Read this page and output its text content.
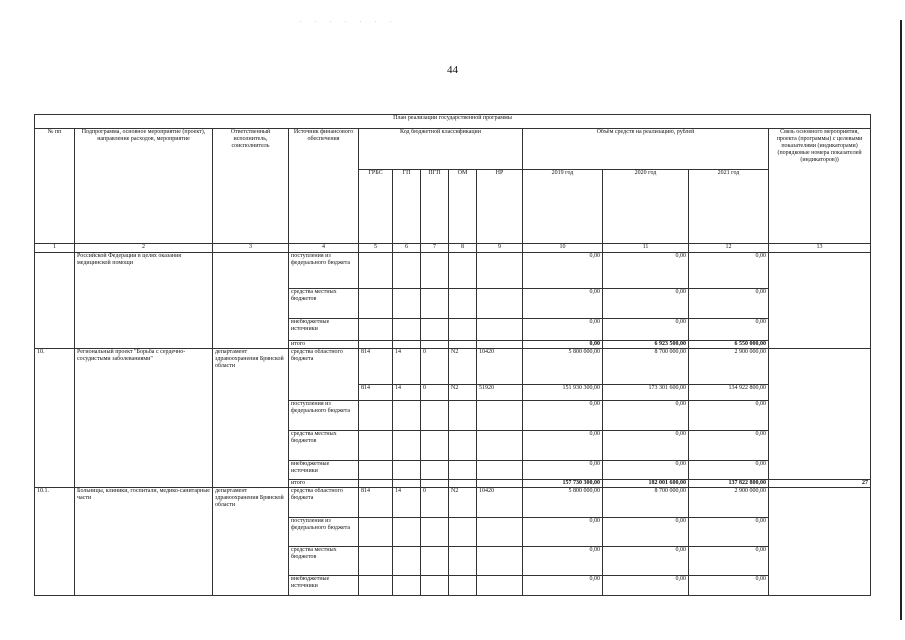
. . . . . . .
44
План реализации государственной программы												
№ пп	Подпрограмма, основное мероприятие (проект), направление расходов, мероприятие	Ответственный исполнитель, соисполнитель	Источник финансового обеспечения	Код бюджетной классификации					Объём средств на реализацию, рублей			Связь основного мероприятия, проекта (программы) с целевыми показателями (индикаторами) (порядковые номера показателей (индикаторов))
				ГРБС	ГП	ПГП	ОМ	НР	2019 год	2020 год	2021 год	
1	2	3	4	5	6	7	8	9	10	11	12	13
	Российской Федерации в целях оказания медицинской помощи		поступления из федерального бюджета						0,00	0,00	0,00	
			средства местных бюджетов						0,00	0,00	0,00	
			внебюджетные источники						0,00	0,00	0,00	
			итого						0,00	6 923 500,00	6 550 000,00	
10.	Региональный проект "Борьба с сердечно-сосудистыми заболеваниями"	департамент здравоохранения Брянской области	средства областного бюджета	814	14	0	N2	10420	5 800 000,00	8 700 000,00	2 900 000,00	
				814	14	0	N2	51920	151 930 300,00	173 301 600,00	134 922 800,00	
			поступления из федерального бюджета						0,00	0,00	0,00	
			средства местных бюджетов						0,00	0,00	0,00	
			внебюджетные источники						0,00	0,00	0,00	
			итого						157 730 300,00	182 001 600,00	137 822 800,00	27
10.1.	Больницы, клиники, госпитали, медико-санитарные части	департамент здравоохранения Брянской области	средства областного бюджета	814	14	0	N2	10420	5 800 000,00	8 700 000,00	2 900 000,00	
			поступления из федерального бюджета						0,00	0,00	0,00	
			средства местных бюджетов						0,00	0,00	0,00	
			внебюджетные источники						0,00	0,00	0,00	
